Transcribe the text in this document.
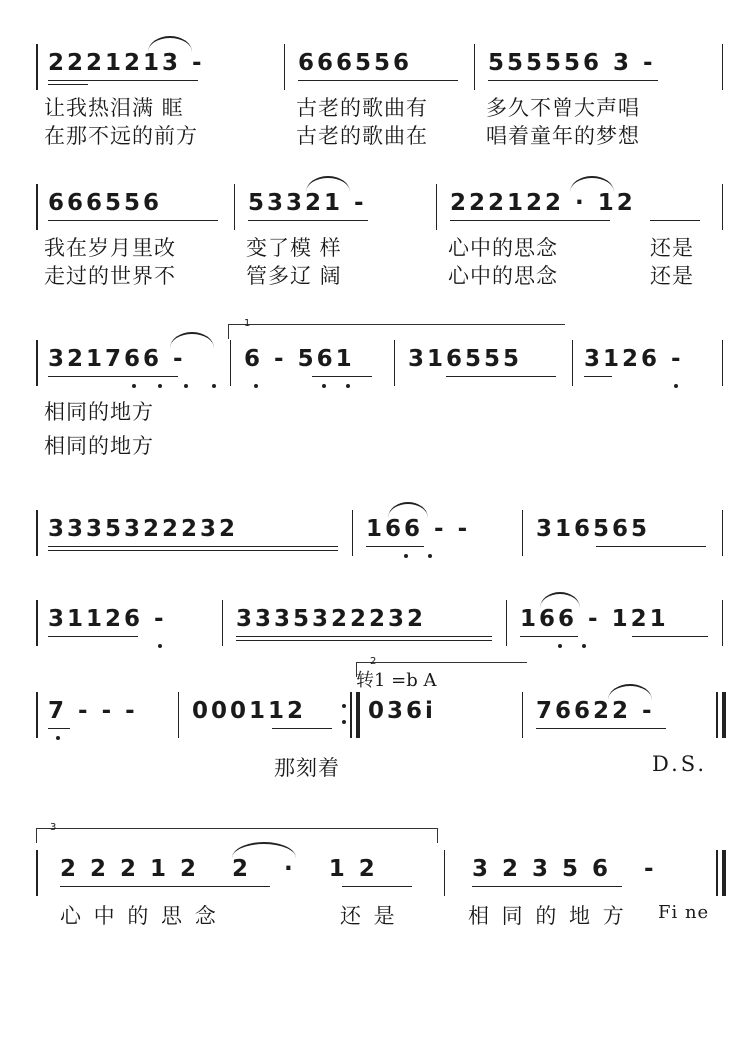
2221213 -	666556	555556 3 -
让我热泪满 眶	古老的歌曲有	多久不曾大声唱
在那不远的前方	古老的歌曲在	唱着童年的梦想
666556	53321 -	222122 · 12
我在岁月里改	变了模 样	心中的思念	还是
走过的世界不	管多辽 阔	心中的思念	还是
1
321766 -	6 - 561 316555	3126 -
相同的地方
相同的地方
3335322232	166 - -	316565
31126 -	3335322232	166 - 121
2
转1 =b A
7 - - - 000112	036i	76622 -
那刻着	D.S.
3
22212 2 · 12	32356 -
心 中 的 思 念	还 是	相 同 的 地 方 Fi ne
